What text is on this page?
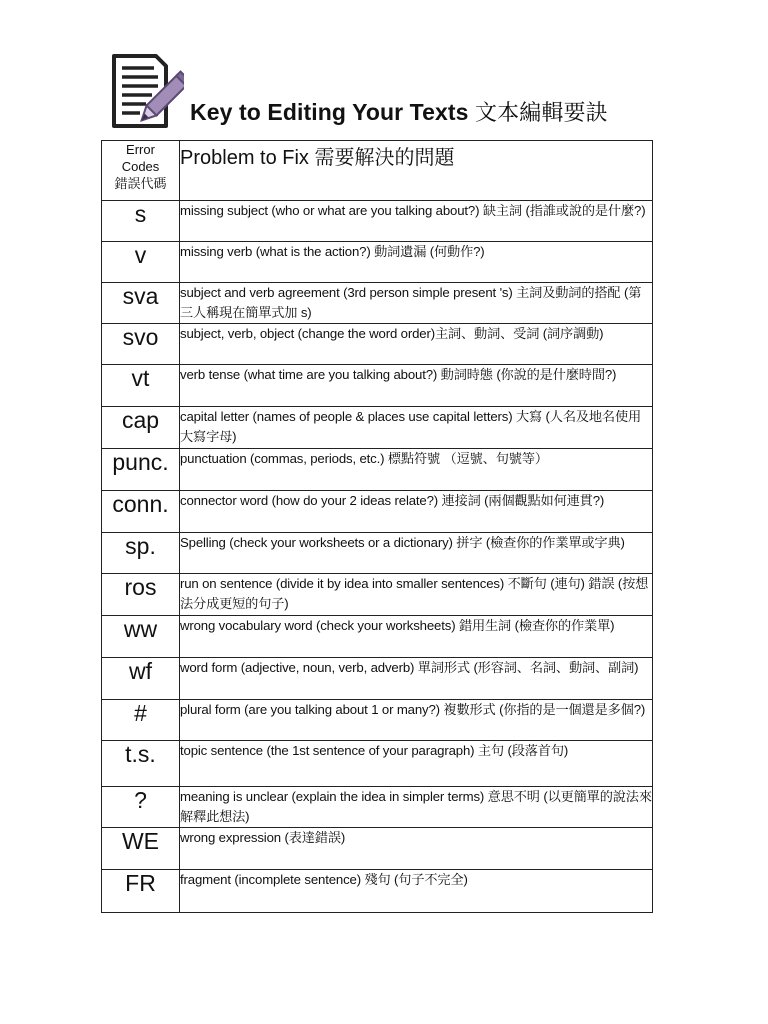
Key to Editing Your Texts 文本編輯要訣
Error
Codes
錯誤代碼	Problem to Fix 需要解決的問題
s	missing subject (who or what are you talking about?) 缺主詞 (指誰或說的是什麼?)
v	missing verb (what is the action?) 動詞遺漏 (何動作?)
sva	subject and verb agreement (3rd person simple present 's) 主詞及動詞的搭配 (第三人稱現在簡單式加 s)
svo	subject, verb, object (change the word order)主詞、動詞、受詞 (詞序調動)
vt	verb tense (what time are you talking about?) 動詞時態 (你說的是什麼時間?)
cap	capital letter (names of people & places use capital letters) 大寫 (人名及地名使用大寫字母)
punc.	punctuation (commas, periods, etc.) 標點符號 （逗號、句號等）
conn.	connector word (how do your 2 ideas relate?) 連接詞 (兩個觀點如何連貫?)
sp.	Spelling (check your worksheets or a dictionary) 拼字 (檢查你的作業單或字典)
ros	run on sentence (divide it by idea into smaller sentences) 不斷句 (連句) 錯誤 (按想法分成更短的句子)
ww	wrong vocabulary word (check your worksheets) 錯用生詞 (檢查你的作業單)
wf	word form (adjective, noun, verb, adverb) 單詞形式 (形容詞、名詞、動詞、副詞)
#	plural form (are you talking about 1 or many?) 複數形式 (你指的是一個還是多個?)
t.s.	topic sentence (the 1st sentence of your paragraph) 主句 (段落首句)
?	meaning is unclear (explain the idea in simpler terms) 意思不明 (以更簡單的說法來解釋此想法)
WE	wrong expression (表達錯誤)
FR	fragment (incomplete sentence) 殘句 (句子不完全)
